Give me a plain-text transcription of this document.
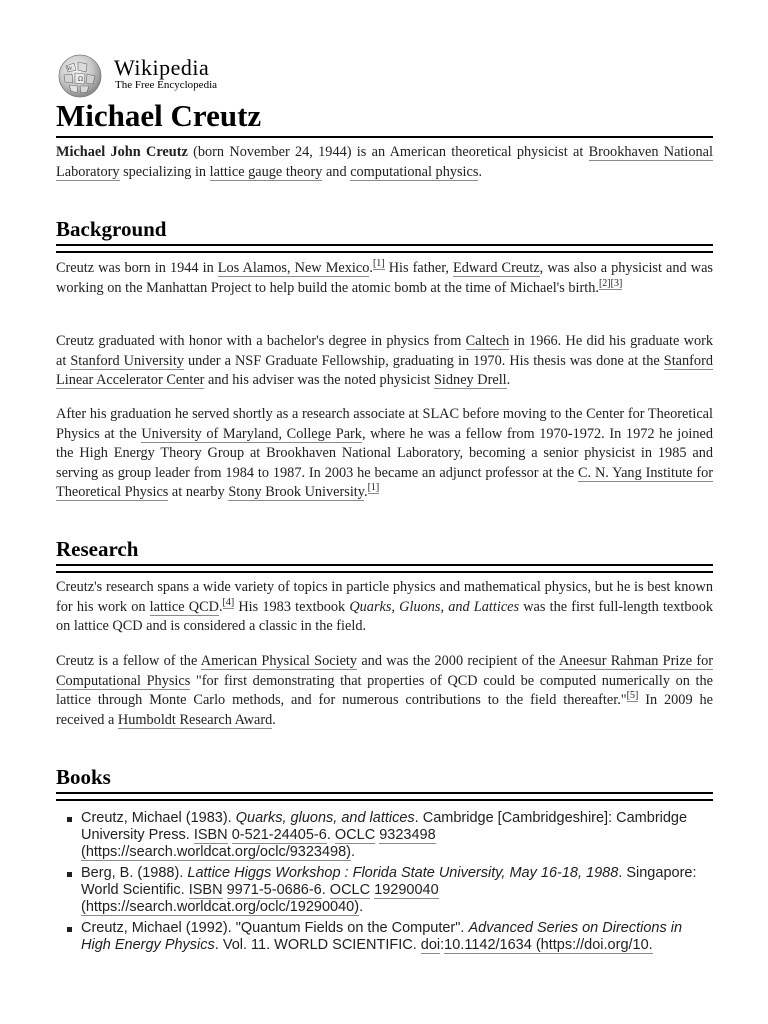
Ω
W Wikipedia
The Free Encyclopedia
Michael Creutz

Michael John Creutz (born November 24, 1944) is an American theoretical physicist at Brookhaven National Laboratory specializing in lattice gauge theory and computational physics.

Background

Creutz was born in 1944 in Los Alamos, New Mexico.[1] His father, Edward Creutz, was also a physicist and was working on the Manhattan Project to help build the atomic bomb at the time of Michael's birth.[2][3]

Creutz graduated with honor with a bachelor's degree in physics from Caltech in 1966. He did his graduate work at Stanford University under a NSF Graduate Fellowship, graduating in 1970. His thesis was done at the Stanford Linear Accelerator Center and his adviser was the noted physicist Sidney Drell.

After his graduation he served shortly as a research associate at SLAC before moving to the Center for Theoretical Physics at the University of Maryland, College Park, where he was a fellow from 1970-1972. In 1972 he joined the High Energy Theory Group at Brookhaven National Laboratory, becoming a senior physicist in 1985 and serving as group leader from 1984 to 1987. In 2003 he became an adjunct professor at the C. N. Yang Institute for Theoretical Physics at nearby Stony Brook University.[1]

Research

Creutz's research spans a wide variety of topics in particle physics and mathematical physics, but he is best known for his work on lattice QCD.[4] His 1983 textbook Quarks, Gluons, and Lattices was the first full-length textbook on lattice QCD and is considered a classic in the field.

Creutz is a fellow of the American Physical Society and was the 2000 recipient of the Aneesur Rahman Prize for Computational Physics "for first demonstrating that properties of QCD could be computed numerically on the lattice through Monte Carlo methods, and for numerous contributions to the field thereafter."[5] In 2009 he received a Humboldt Research Award.

Books
Creutz, Michael (1983). Quarks, gluons, and lattices. Cambridge [Cambridgeshire]: Cambridge University Press. ISBN 0-521-24405-6. OCLC 9323498 (https://search.worldcat.org/oclc/9323498).
Berg, B. (1988). Lattice Higgs Workshop : Florida State University, May 16-18, 1988. Singapore: World Scientific. ISBN 9971-5-0686-6. OCLC 19290040 (https://search.worldcat.org/oclc/19290040).
Creutz, Michael (1992). "Quantum Fields on the Computer". Advanced Series on Directions in High Energy Physics. Vol. 11. WORLD SCIENTIFIC. doi:10.1142/1634 (https://doi.org/10.
